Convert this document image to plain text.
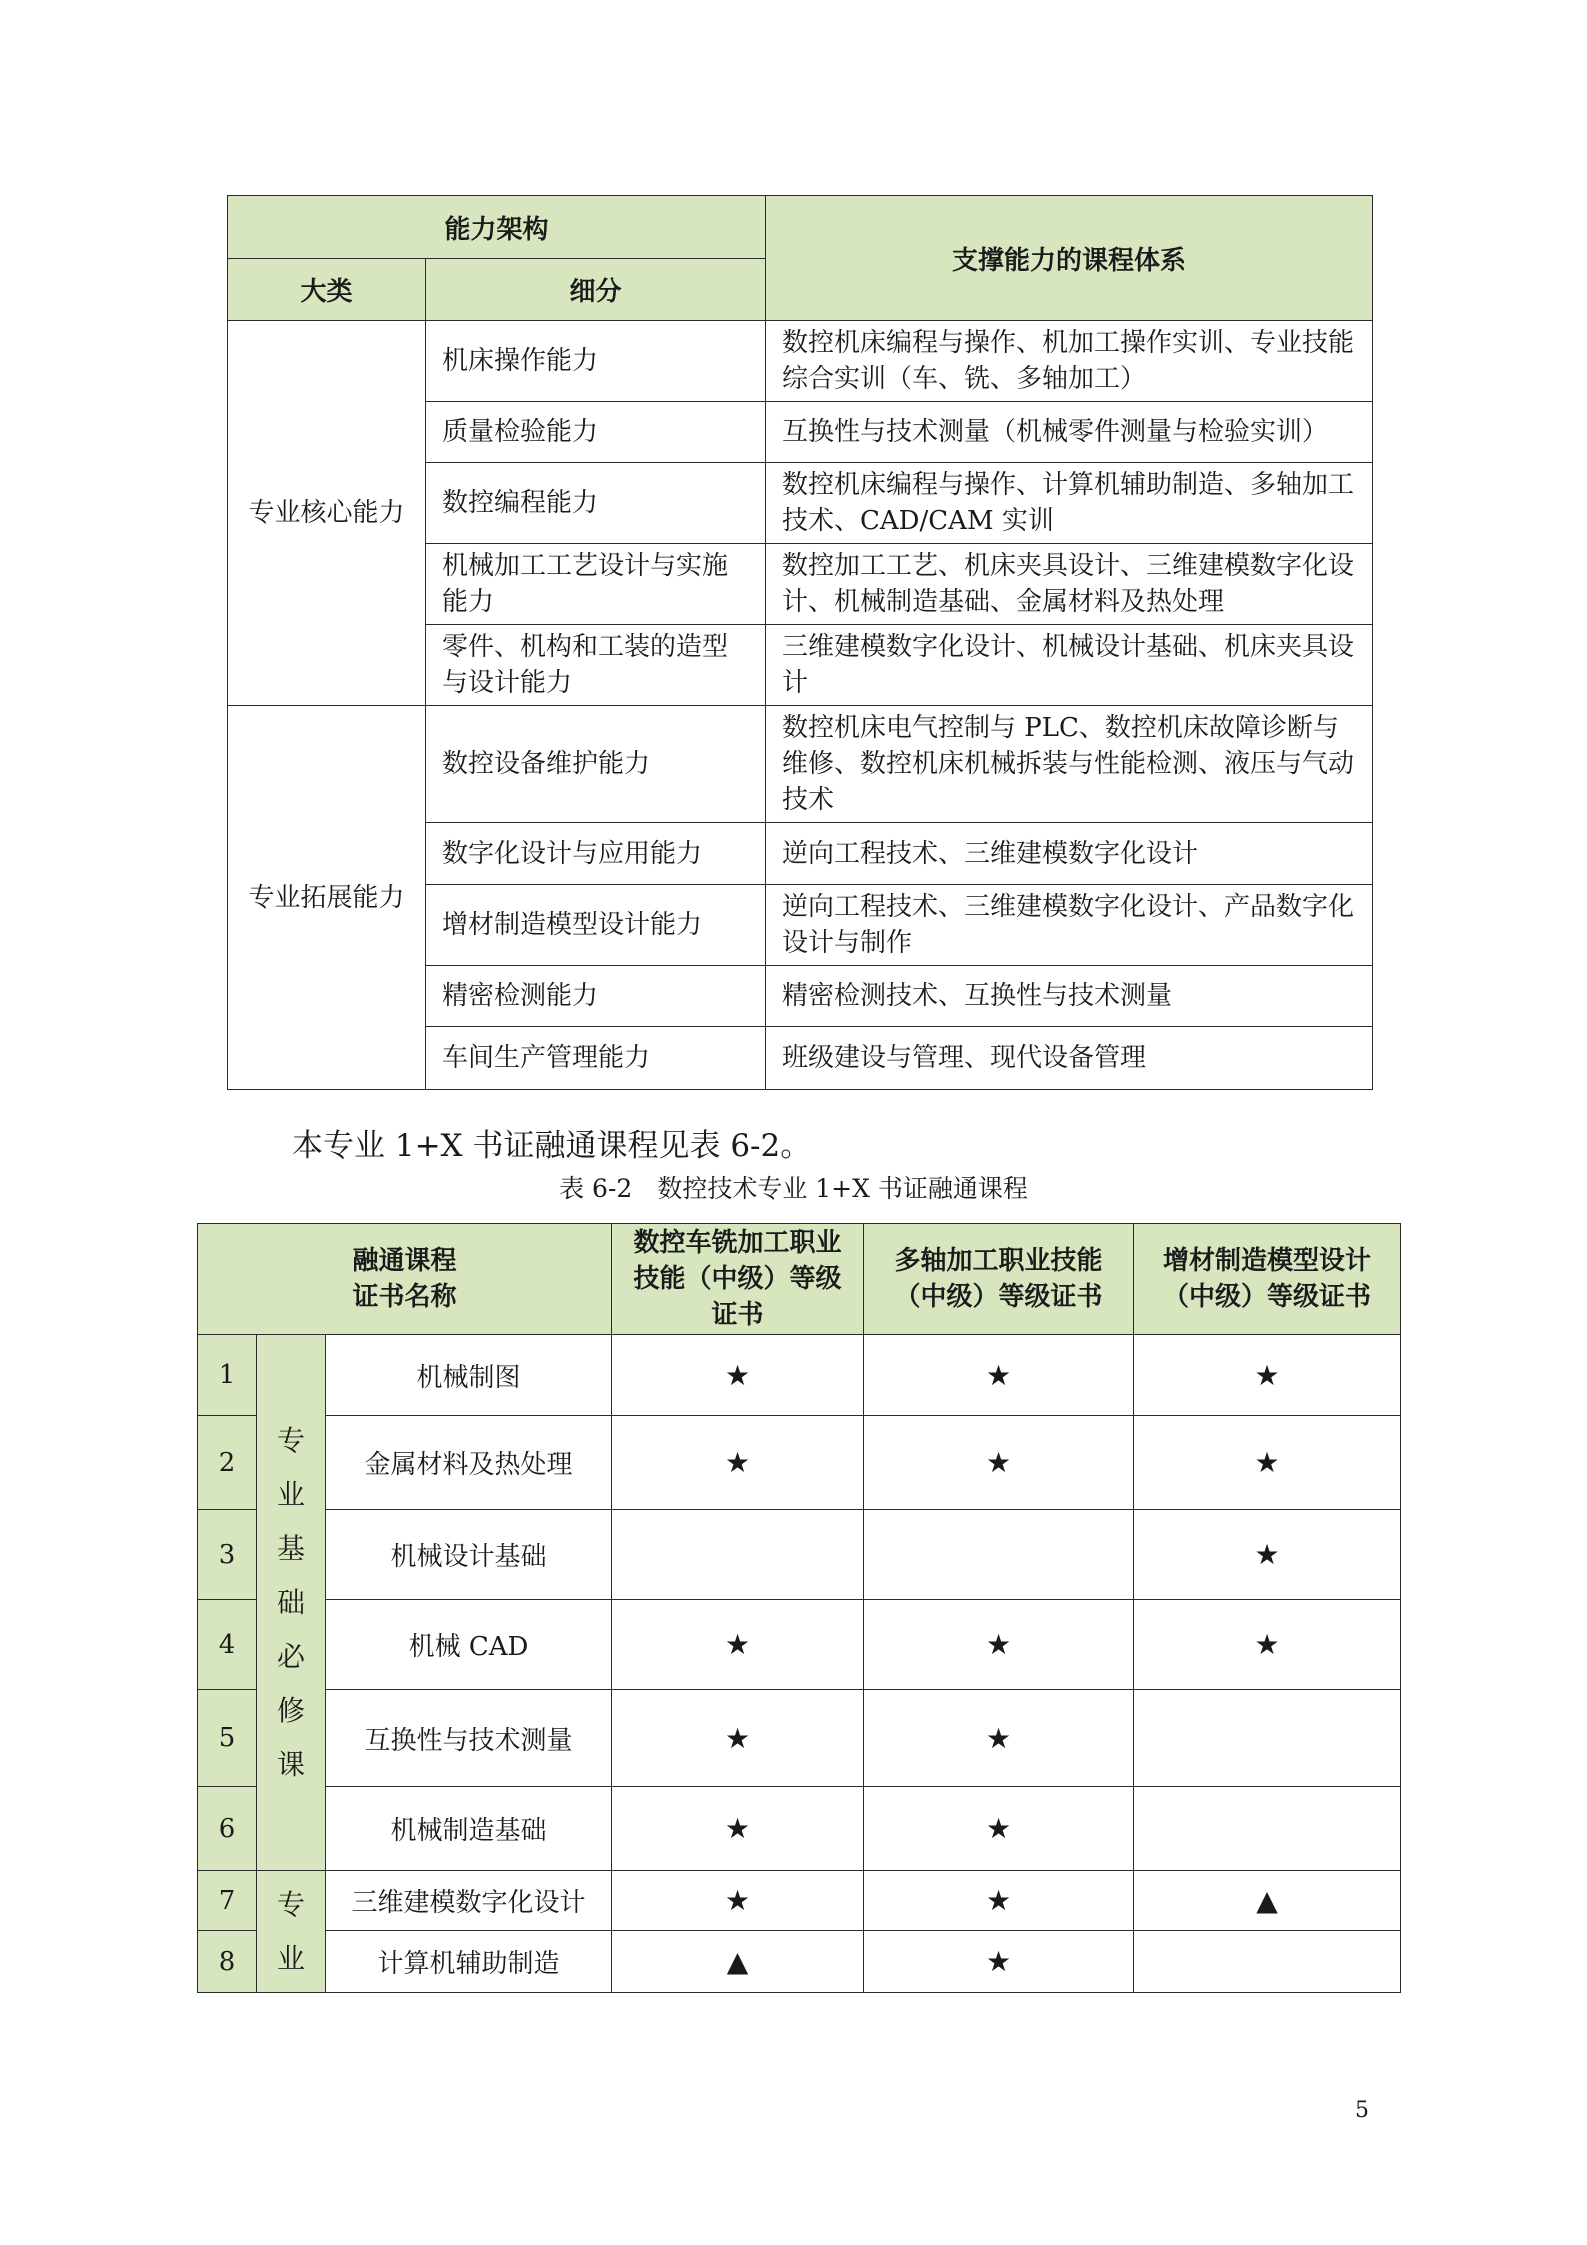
能力架构		支撑能力的课程体系
大类	细分	
专业核心能力	机床操作能力	数控机床编程与操作、机加工操作实训、专业技能综合实训（车、铣、多轴加工）
	质量检验能力	互换性与技术测量（机械零件测量与检验实训）
	数控编程能力	数控机床编程与操作、计算机辅助制造、多轴加工技术、CAD/CAM 实训
	机械加工工艺设计与实施能力	数控加工工艺、机床夹具设计、三维建模数字化设计、机械制造基础、金属材料及热处理
	零件、机构和工装的造型与设计能力	三维建模数字化设计、机械设计基础、机床夹具设计
专业拓展能力	数控设备维护能力	数控机床电气控制与 PLC、数控机床故障诊断与维修、数控机床机械拆装与性能检测、液压与气动技术
	数字化设计与应用能力	逆向工程技术、三维建模数字化设计
	增材制造模型设计能力	逆向工程技术、三维建模数字化设计、产品数字化设计与制作
	精密检测能力	精密检测技术、互换性与技术测量
	车间生产管理能力	班级建设与管理、现代设备管理
本专业 1+X 书证融通课程见表 6-2。
表 6-2　数控技术专业 1+X 书证融通课程
融通课程
证书名称			数控车铣加工职业技能（中级）等级证书	多轴加工职业技能（中级）等级证书	增材制造模型设计（中级）等级证书
1	专业基础必修课	机械制图	★	★	★
2		金属材料及热处理	★	★	★
3		机械设计基础			★
4		机械 CAD	★	★	★
5		互换性与技术测量	★	★	
6		机械制造基础	★	★	
7	专业	三维建模数字化设计	★	★	▲
8		计算机辅助制造	▲	★	
5
